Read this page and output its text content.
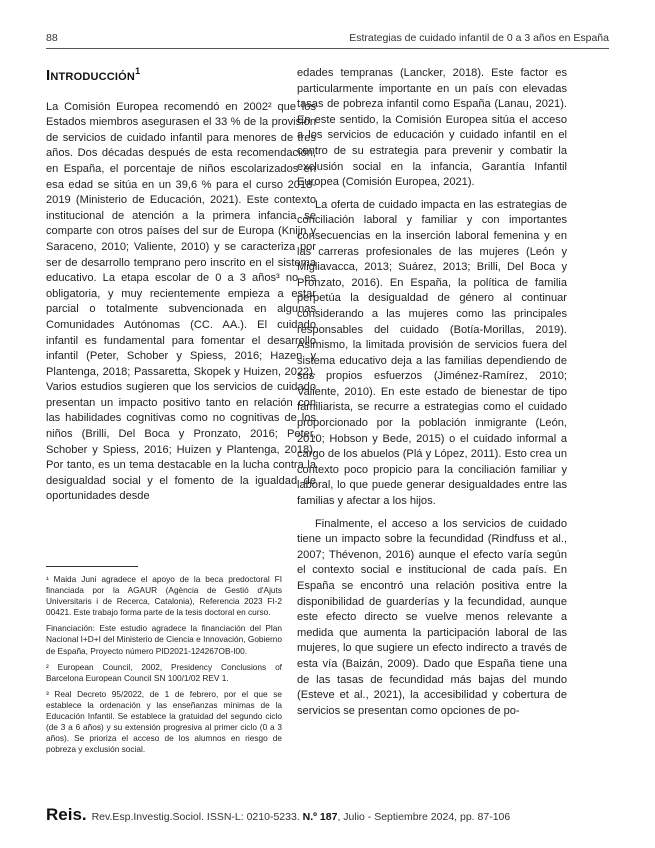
88	Estrategias de cuidado infantil de 0 a 3 años en España
Introducción$^1$

La Comisión Europea recomendó en 2002² que los Estados miembros asegurasen el 33 % de la provisión de servicios de cuidado infantil para menores de tres años. Dos décadas después de esta recomendación, en España, el porcentaje de niños escolarizados en esa edad se sitúa en un 39,6 % para el curso 2018-2019 (Ministerio de Educación, 2021). Este contexto institucional de atención a la primera infancia se comparte con otros países del sur de Europa (Knijn y Saraceno, 2010; Valiente, 2010) y se caracteriza por ser de desarrollo temprano pero inscrito en el sistema educativo. La etapa escolar de 0 a 3 años³ no es obligatoria, y muy recientemente empieza a estar parcial o totalmente subvencionada en algunas Comunidades Autónomas (CC. AA.). El cuidado infantil es fundamental para fomentar el desarrollo infantil (Peter, Schober y Spiess, 2016; Hazen y Plantenga, 2018; Passaretta, Skopek y Huizen, 2022). Varios estudios sugieren que los servicios de cuidado presentan un impacto positivo tanto en relación con las habilidades cognitivas como no cognitivas de los niños (Brilli, Del Boca y Pronzato, 2016; Peter, Schober y Spiess, 2016; Huizen y Plantenga, 2018). Por tanto, es un tema destacable en la lucha contra la desigualdad social y el fomento de la igualdad de oportunidades desde

edades tempranas (Lancker, 2018). Este factor es particularmente importante en un país con elevadas tasas de pobreza infantil como España (Lanau, 2021). En este sentido, la Comisión Europea sitúa el acceso a los servicios de educación y cuidado infantil en el centro de su estrategia para prevenir y combatir la exclusión social en la infancia, Garantía Infantil Europea (Comisión Europea, 2021).

La oferta de cuidado impacta en las estrategias de conciliación laboral y familiar y con importantes consecuencias en la inserción laboral femenina y en las carreras profesionales de las mujeres (León y Migliavacca, 2013; Suárez, 2013; Brilli, Del Boca y Pronzato, 2016). En España, la política de familia perpetúa la desigualdad de género al continuar considerando a las mujeres como las principales responsables del cuidado (Botía-Morillas, 2019). Asimismo, la limitada provisión de servicios fuera del sistema educativo deja a las familias dependiendo de sus propios esfuerzos (Jiménez-Ramírez, 2010; Valiente, 2010). En este estado de bienestar de tipo familiarista, se recurre a estrategias como el cuidado proporcionado por la población inmigrante (León, 2010; Hobson y Bede, 2015) o el cuidado informal a cargo de los abuelos (Plá y López, 2011). Esto crea un contexto poco propicio para la conciliación familiar y laboral, lo que puede generar desigualdades entre las familias y afectar a los hijos.

Finalmente, el acceso a los servicios de cuidado tiene un impacto sobre la fecundidad (Rindfuss et al., 2007; Thévenon, 2016) aunque el efecto varía según el contexto social e institucional de cada país. En España se encontró una relación positiva entre la disponibilidad de guarderías y la fecundidad, aunque este efecto directo se vuelve menos relevante a medida que aumenta la participación laboral de las mujeres, lo que sugiere un efecto indirecto a través de esta vía (Baizán, 2009). Dado que España tiene una de las tasas de fecundidad más bajas del mundo (Esteve et al., 2021), la accesibilidad y cobertura de servicios se presentan como opciones de po-

¹ Maida Juni agradece el apoyo de la beca predoctoral FI financiada por la AGAUR (Agència de Gestió d'Ajuts Universitaris i de Recerca, Catalonia), Referencia 2023 FI-2 00421. Este trabajo forma parte de la tesis doctoral en curso.

Financiación: Este estudio agradece la financiación del Plan Nacional I+D+I del Ministerio de Ciencia e Innovación, Gobierno de España, Proyecto número PID2021-124267OB-I00.

² European Council, 2002, Presidency Conclusions of Barcelona European Council SN 100/1/02 REV 1.

³ Real Decreto 95/2022, de 1 de febrero, por el que se establece la ordenación y las enseñanzas mínimas de la Educación Infantil. Se establece la gratuidad del segundo ciclo (de 3 a 6 años) y su extensión progresiva al primer ciclo (0 a 3 años). Se prioriza el acceso de los alumnos en riesgo de pobreza y exclusión social.

Reis. Rev.Esp.Investig.Sociol. ISSN-L: 0210-5233. N.º 187, Julio - Septiembre 2024, pp. 87-106
